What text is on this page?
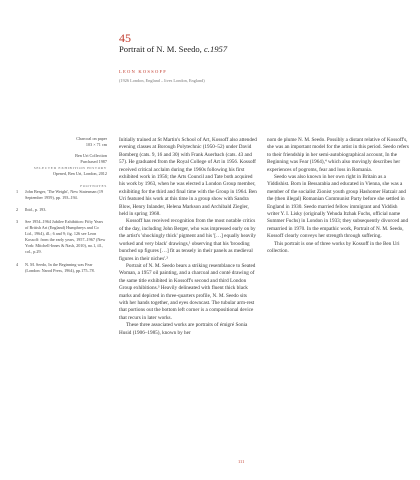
45
Portrait of N. M. Seedo, c.1957
LEON KOSSOFF
(1926 London, England – lives London, England)
Charcoal on paper
103 × 71 cm
Ben Uri Collection
Purchased 1987
SELECTED EXHIBITION HISTORY
Opened, Ben Uri, London, 2012
FOOTNOTES
1	John Berger, 'The Weight', New Statesman (19 September 1959), pp. 193–194.
2	Ibid., p. 193.
3	See 1954–1964 Jubilee Exhibition: Fifty Years of British Art (England) Humphreys and Co Ltd., 1964), ill.; 6 and 9; fig. 126 see Leon Kossoff: from the early years, 1957–1967 (New York: Mitchell-Innes & Nash, 2010), no.1, ill., col., p.29.
4	N. M. Seedo, In the Beginning was Fear (London: Narod Press, 1964), pp.175–78.

Initially trained at St Martin's School of Art, Kossoff also attended evening classes at Borough Polytechnic (1950–52) under David Bomberg (cats. 9, 16 and 30) with Frank Auerbach (cats. 43 and 57). He graduated from the Royal College of Art in 1956. Kossoff received critical acclaim during the 1960s following his first exhibited work in 1956; the Arts Council and Tate both acquired his work by 1963, when he was elected a London Group member, exhibiting for the third and final time with the Group in 1964. Ben Uri featured his work at this time in a group show with Sandra Blow, Henry Inlander, Helena Markson and Archibald Ziegler, held in spring 1968.

Kossoff has received recognition from the most notable critics of the day, including John Berger, who was impressed early on by the artist's 'shockingly thick' pigment and his '[…] equally heavily worked and very black' drawings,¹ observing that his 'brooding bunched up figures […] fit as tensely in their panels as medieval figures in their niches'.²

Portrait of N. M. Seedo bears a striking resemblance to Seated Woman, a 1957 oil painting, and a charcoal and conté drawing of the same title exhibited in Kossoff's second and third London Group exhibitions.³ Heavily delineated with fluent thick black marks and depicted in three-quarters profile, N. M. Seedo sits with her hands together, and eyes downcast. The tubular arm-rest that portions out the bottom left corner is a compositional device that recurs in later works.

These three associated works are portraits of émigré Sonia Husid (1906–1985), known by her

nom de plume N. M. Seedo. Possibly a distant relative of Kossoff's, she was an important model for the artist in this period. Seedo refers to their friendship in her semi-autobiographical account, In the Beginning was Fear (1964),⁴ which also movingly describes her experiences of pogroms, fear and loss in Romania.

Seedo was also known in her own right in Britain as a Yiddishist. Born in Bessarabia and educated in Vienna, she was a member of the socialist Zionist youth group Hashomer Hatzair and the (then illegal) Romanian Communist Party before she settled in England in 1930. Seedo married fellow immigrant and Yiddish writer Y. I. Lisky (originally Yehuda Itzhak Fuchs, official name Summer Fuchs) in London in 1933; they subsequently divorced and remarried in 1970. In the empathic work, Portrait of N. M. Seedo, Kossoff clearly conveys her strength through suffering.

This portrait is one of three works by Kossoff in the Ben Uri collection.

111
